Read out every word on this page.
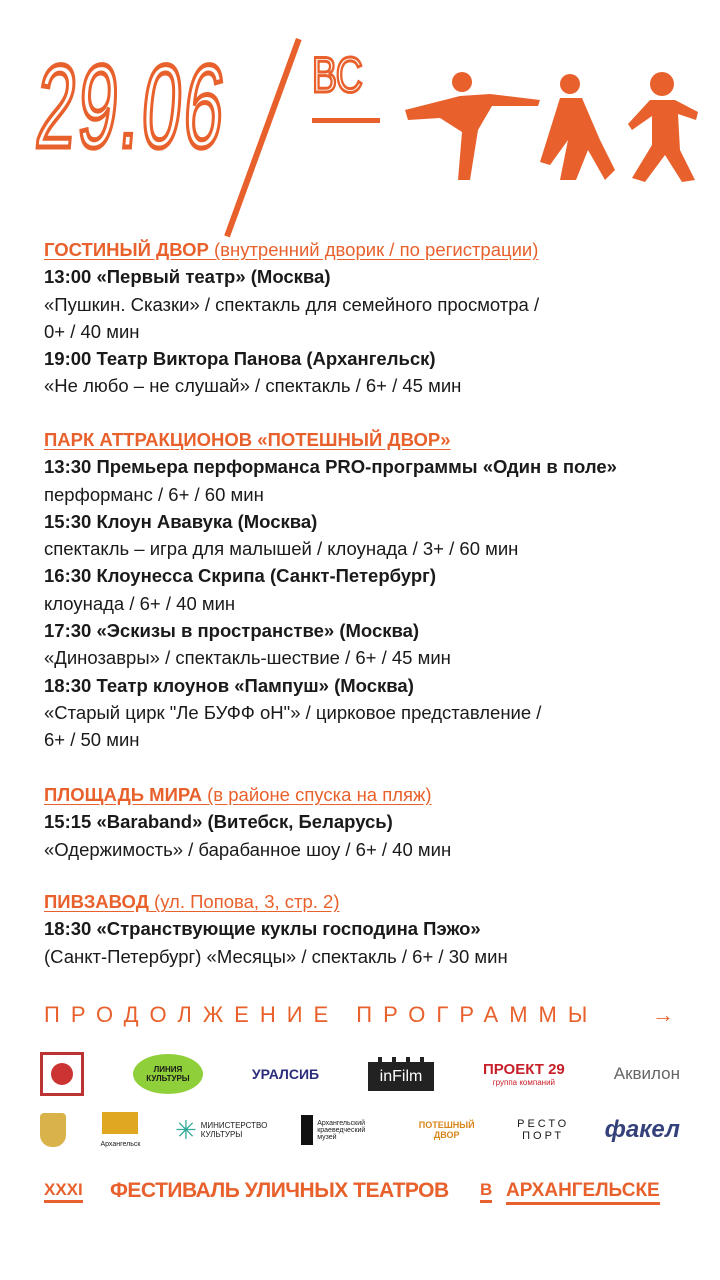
29.06 ВС
ГОСТИНЫЙ ДВОР (внутренний дворик / по регистрации)
13:00 «Первый театр» (Москва)
«Пушкин. Сказки» / спектакль для семейного просмотра /
0+ / 40 мин
19:00 Театр Виктора Панова (Архангельск)
«Не любо – не слушай» / спектакль / 6+ / 45 мин
ПАРК АТТРАКЦИОНОВ «ПОТЕШНЫЙ ДВОР»
13:30 Премьера перформанса PRO-программы «Один в поле»
перформанс / 6+ / 60 мин
15:30 Клоун Ававука (Москва)
спектакль – игра для малышей / клоунада / 3+ / 60 мин
16:30 Клоунесса Скрипа (Санкт-Петербург)
клоунада / 6+ / 40 мин
17:30 «Эскизы в пространстве» (Москва)
«Динозавры» / спектакль-шествие / 6+ / 45 мин
18:30 Театр клоунов «Пампуш» (Москва)
«Старый цирк "Ле БУФФ оН"» / цирковое представление /
6+ / 50 мин
ПЛОЩАДЬ МИРА (в районе спуска на пляж)
15:15 «Baraband» (Витебск, Беларусь)
«Одержимость» / барабанное шоу / 6+ / 40 мин
ПИВЗАВОД (ул. Попова, 3, стр. 2)
18:30 «Странствующие куклы господина Пэжо»
(Санкт-Петербург) «Месяцы» / спектакль / 6+ / 30 мин
ПРОДОЛЖЕНИЕ ПРОГРАММЫ →
ЛИНИЯ КУЛЬТУРЫ	УРАЛСИБ	inFilm	ПРОЕКТ 29
группа компаний	Аквилон
Архангельск ✳ МИНИСТЕРСТВО КУЛЬТУРЫ
Архангельский краеведческий музей
ПОТЕШНЫЙ ДВОР
РЕСТО ПОРТ факел
XXXI ФЕСТИВАЛЬ УЛИЧНЫХ ТЕАТРОВ В АРХАНГЕЛЬСКЕ
